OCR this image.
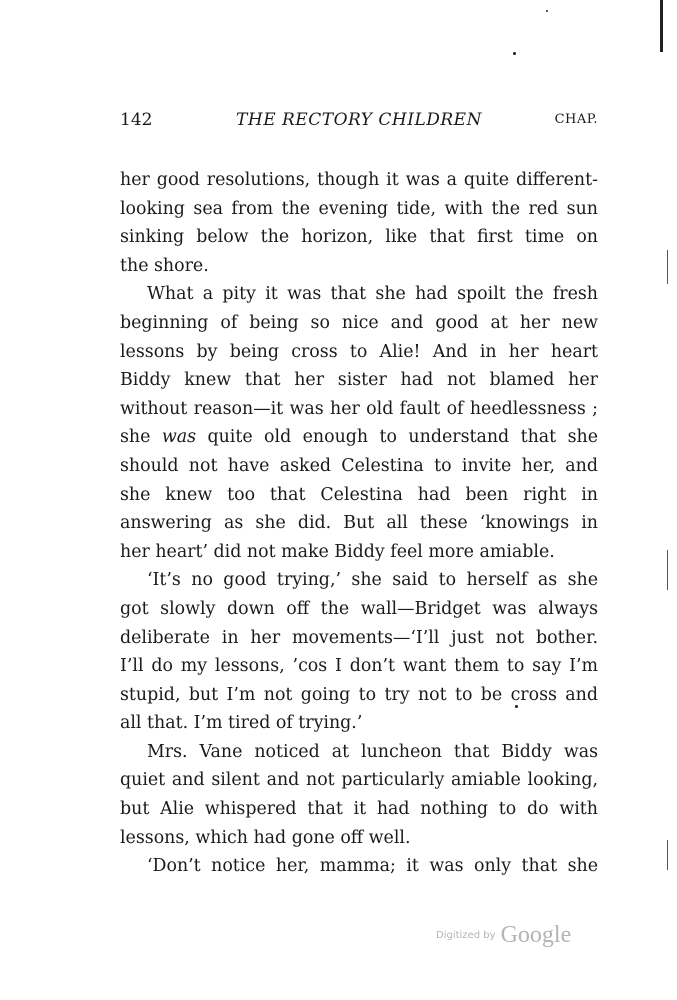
142	THE RECTORY CHILDREN	CHAP.
her good resolutions, though it was a quite different-
looking sea from the evening tide, with the red sun
sinking below the horizon, like that first time on
the shore.
What a pity it was that she had spoilt the fresh
beginning of being so nice and good at her new
lessons by being cross to Alie! And in her heart
Biddy knew that her sister had not blamed her
without reason—it was her old fault of heedlessness ;
she was quite old enough to understand that she
should not have asked Celestina to invite her, and
she knew too that Celestina had been right in
answering as she did. But all these ‘knowings in
her heart’ did not make Biddy feel more amiable.
‘It’s no good trying,’ she said to herself as she
got slowly down off the wall—Bridget was always
deliberate in her movements—‘I’ll just not bother.
I’ll do my lessons, ’cos I don’t want them to say I’m
stupid, but I’m not going to try not to be cross and
all that. I’m tired of trying.’
Mrs. Vane noticed at luncheon that Biddy was
quiet and silent and not particularly amiable looking,
but Alie whispered that it had nothing to do with
lessons, which had gone off well.
‘Don’t notice her, mamma; it was only that she
Digitized by Google
